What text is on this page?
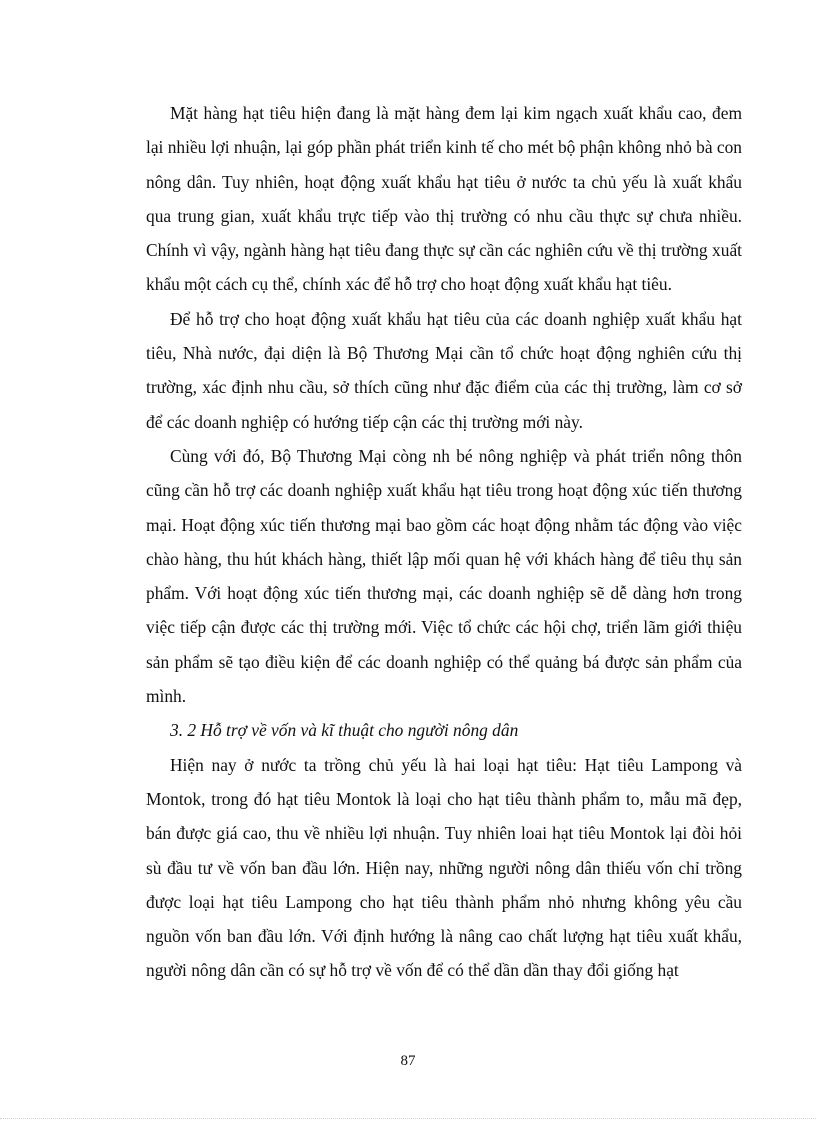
Mặt hàng hạt tiêu hiện đang là mặt hàng đem lại kim ngạch xuất khẩu cao, đem lại nhiều lợi nhuận, lại góp phần phát triển kinh tế cho mét bộ phận không nhỏ bà con nông dân. Tuy nhiên, hoạt động xuất khẩu hạt tiêu ở nước ta chủ yếu là xuất khẩu qua trung gian, xuất khẩu trực tiếp vào thị trường có nhu cầu thực sự chưa nhiều. Chính vì vậy, ngành hàng hạt tiêu đang thực sự cần các nghiên cứu về thị trường xuất khẩu một cách cụ thể, chính xác để hỗ trợ cho hoạt động xuất khẩu hạt tiêu.

Để hỗ trợ cho hoạt động xuất khẩu hạt tiêu của các doanh nghiệp xuất khẩu hạt tiêu, Nhà nước, đại diện là Bộ Thương Mại cần tổ chức hoạt động nghiên cứu thị trường, xác định nhu cầu, sở thích cũng như đặc điểm của các thị trường, làm cơ sở để các doanh nghiệp có hướng tiếp cận các thị trường mới này.

Cùng với đó, Bộ Thương Mại còng nh bé nông nghiệp và phát triển nông thôn cũng cần hỗ trợ các doanh nghiệp xuất khẩu hạt tiêu trong hoạt động xúc tiến thương mại. Hoạt động xúc tiến thương mại bao gồm các hoạt động nhằm tác động vào việc chào hàng, thu hút khách hàng, thiết lập mối quan hệ với khách hàng để tiêu thụ sản phẩm. Với hoạt động xúc tiến thương mại, các doanh nghiệp sẽ dễ dàng hơn trong việc tiếp cận được các thị trường mới. Việc tổ chức các hội chợ, triển lãm giới thiệu sản phẩm sẽ tạo điều kiện để các doanh nghiệp có thể quảng bá được sản phẩm của mình.

3. 2 Hỗ trợ về vốn và kĩ thuật cho người nông dân

Hiện nay ở nước ta trồng chủ yếu là hai loại hạt tiêu: Hạt tiêu Lampong và Montok, trong đó hạt tiêu Montok là loại cho hạt tiêu thành phẩm to, mẫu mã đẹp, bán được giá cao, thu về nhiều lợi nhuận. Tuy nhiên loai hạt tiêu Montok lại đòi hỏi sù đầu tư về vốn ban đầu lớn. Hiện nay, những người nông dân thiếu vốn chỉ trồng được loại hạt tiêu Lampong cho hạt tiêu thành phẩm nhỏ nhưng không yêu cầu nguồn vốn ban đầu lớn. Với định hướng là nâng cao chất lượng hạt tiêu xuất khẩu, người nông dân cần có sự hỗ trợ về vốn để có thể dần dần thay đổi giống hạt

87
